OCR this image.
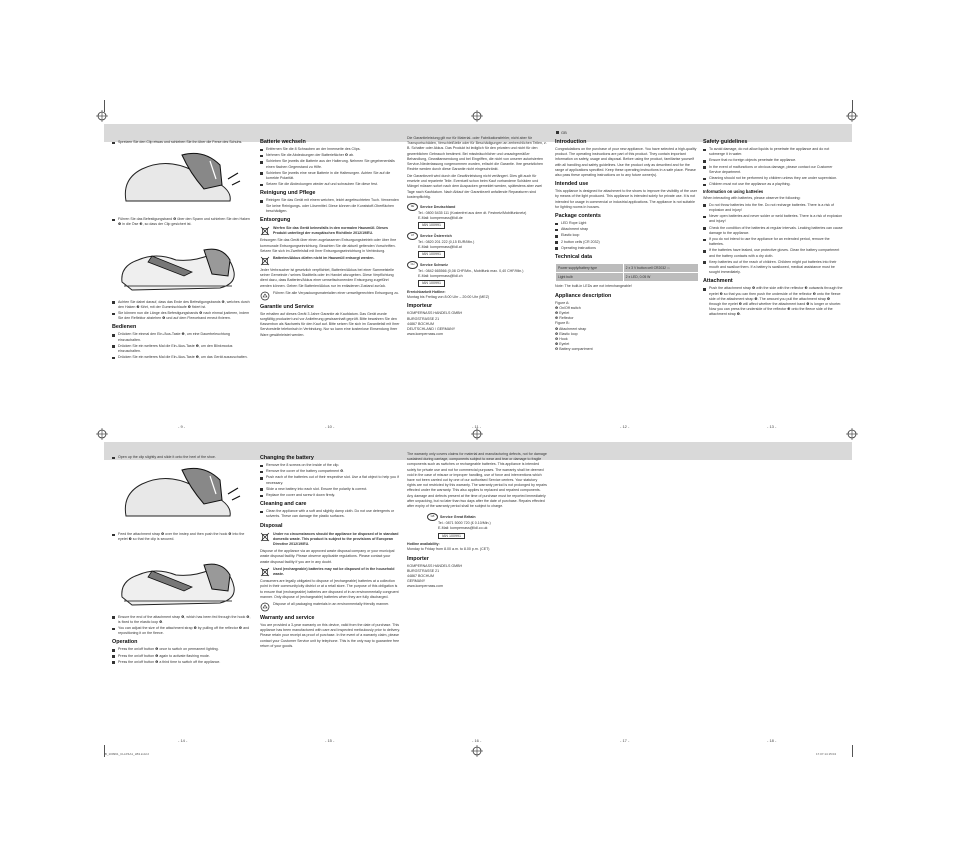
GB
Spreizen Sie den Clip etwas und schieben Sie ihn über die Ferse des Schuhs.
Führen Sie das Befestigungsband ❻ über den Spann und schieben Sie den Haken ❼ in die Öse ❸, so dass der Clip gesichert ist.
Achten Sie dabei darauf, dass das Ende des Befestigungsbands ❻, welches durch den Haken ❼ führt, mit der Gummischlaufe ❺ fixiert ist.
Sie können nun die Länge des Befestigungsbands ❻ nach einmal justieren, indem Sie den Reflektor abziehen ❹ und auf dem Fleeceband erneut fixieren.
Bedienen
Drücken Sie einmal den Ein-/Aus-Taste ❶, um eine Dauerbeleuchtung einzuschalten.
Drücken Sie ein weiteres Mal die Ein-/Aus-Taste ❶, um den Blinkmodus einzuschalten.
Drücken Sie ein weiteres Mal die Ein-/Aus-Taste ❶, um das Gerät auszuschalten.
Batterie wechseln
Entfernen Sie die 8 Schrauben an der Innenseite des Clips.
Nehmen Sie die Abdeckungen der Batteriefächer ❽ ab.
Schieben Sie jeweils die Batterie aus der Halterung. Nehmen Sie gegebenenfalls einen flachen Gegenstand zu Hilfe.
Schieben Sie jeweils eine neue Batterie in die Halterungen. Achten Sie auf die korrekte Polarität.
Setzen Sie die Abdeckungen wieder auf und schrauben Sie diese fest.
Reinigung und Pflege
Reinigen Sie das Gerät mit einem weichen, leicht angefeuchteten Tuch. Verwenden Sie keine Reinigungs- oder Lösemittel. Diese können die Kunststoff-Oberflächen beschädigen.
Entsorgung
Werfen Sie das Gerät keinesfalls in den normalen Hausmüll. Dieses Produkt unterliegt der europäischen Richtlinie 2012/19/EU.

Entsorgen Sie das Gerät über einen zugelassenen Entsorgungsbetrieb oder über Ihre kommunale Entsorgungseinrichtung. Beachten Sie die aktuell geltenden Vorschriften. Setzen Sie sich im Zweifelsfall mit Ihrer Entsorgungseinrichtung in Verbindung.

Batterien/Akkus dürfen nicht im Hausmüll entsorgt werden.

Jeder Verbraucher ist gesetzlich verpflichtet, Batterien/Akkus bei einer Sammelstelle seiner Gemeinde / seines Stadtteils oder im Handel abzugeben. Diese Verpflichtung dient dazu, dass Batterien/Akkus einer umweltschonenden Entsorgung zugeführt werden können. Geben Sie Batterien/Akkus nur im entladenen Zustand zurück.

Führen Sie alle Verpackungsmaterialien einer umweltgerechten Entsorgung zu.
Garantie und Service

Sie erhalten auf dieses Gerät 3 Jahre Garantie ab Kaufdatum. Das Gerät wurde sorgfältig produziert und vor Anlieferung gewissenhaft geprüft. Bitte bewahren Sie den Kassenbon als Nachweis für den Kauf auf. Bitte setzen Sie sich im Garantiefall mit Ihrer Servicestelle telefonisch in Verbindung. Nur so kann eine kostenlose Einsendung Ihrer Ware gewährleistet werden.

Die Garantieleistung gilt nur für Material- oder Fabrikationsfehler, nicht aber für Transportschäden, Verschleißteile oder für Beschädigungen an zerbrechlichen Teilen, z. B. Schalter oder Akkus. Das Produkt ist lediglich für den privaten und nicht für den gewerblichen Gebrauch bestimmt. Bei missbräuchlicher und unsachgemäßer Behandlung, Gewaltanwendung und bei Eingriffen, die nicht von unserer autorisierten Service-Niederlassung vorgenommen wurden, erlischt die Garantie. Ihre gesetzlichen Rechte werden durch diese Garantie nicht eingeschränkt.

Die Garantiezeit wird durch die Gewährleistung nicht verlängert. Dies gilt auch für ersetzte und reparierte Teile. Eventuell schon beim Kauf vorhandene Schäden und Mängel müssen sofort nach dem Auspacken gemeldet werden, spätestens aber zwei Tage nach Kaufdatum. Nach Ablauf der Garantiezeit anfallende Reparaturen sind kostenpflichtig.

DE Service Deutschland
Tel.: 0800 5435 111 (Kostenfrei aus dem dt. Festnetz/Mobilfunknetz)
E-Mail: kompernass@lidl.de
IAN 100991
AT Service Österreich
Tel.: 0820 201 222 (0,15 EUR/Min.)
E-Mail: kompernass@lidl.at
IAN 100991
CH Service Schweiz
Tel.: 0842 665566 (0,08 CHF/Min., Mobilfunk max. 0,40 CHF/Min.)
E-Mail: kompernass@lidl.ch
IAN 100991
Erreichbarkeit Hotline:
Montag bis Freitag von 8:00 Uhr – 20:00 Uhr (MEZ)
Importeur
KOMPERNASS HANDELS GMBH
BURGSTRASSE 21
44867 BOCHUM
DEUTSCHLAND / GERMANY
www.kompernass.com
Introduction

Congratulations on the purchase of your new appliance. You have selected a high-quality product. The operating instructions are part of this product. They contain important information on safety, usage and disposal. Before using the product, familiarise yourself with all handling and safety guidelines. Use the product only as described and for the range of applications specified. Keep these operating instructions in a safe place. Please also pass these operating instructions on to any future owner(s).

Intended use

This appliance is designed for attachment to the shoes to improve the visibility of the user by means of the light produced. This appliance is intended solely for private use. It is not intended for usage in commercial or industrial applications. The appliance is not suitable for lighting rooms in houses.

Package contents
LED Rope Light
Attachment strap
Elastic loop
2 button cells (CR 2032)
Operating instructions
Technical data
Power supply/battery type	2 x 3 V button cell CR2032 ⎓
Light bulb	2 x LED, 0.05 W

Note: The built-in LEDs are not interchangeable!

Appliance description
Figure A:
❶ On/Off switch
❷ Eyelet
❸ Reflector
Figure B:
❹ Attachment strap
❺ Elastic loop
❻ Hook
❼ Eyelet
❽ Battery compartment
Safety guidelines
To avoid damage, do not allow liquids to penetrate the appliance and do not submerge it in water.
Ensure that no foreign objects penetrate the appliance.
In the event of malfunctions or obvious damage, please contact our Customer Service department.
Cleaning should not be performed by children unless they are under supervision.
Children must not use the appliance as a plaything.
Information on using batteries

When interacting with batteries, please observe the following:

Do not throw batteries into the fire. Do not recharge batteries. There is a risk of explosion and injury!
Never open batteries and never solder or weld batteries. There is a risk of explosion and injury!
Check the condition of the batteries at regular intervals. Leaking batteries can cause damage to the appliance.
If you do not intend to use the appliance for an extended period, remove the batteries.
If the batteries have leaked, use protective gloves. Clean the battery compartment and the battery contacts with a dry cloth.
Keep batteries out of the reach of children. Children might put batteries into their mouth and swallow them. If a battery is swallowed, medical assistance must be sought immediately.
Attachment
Push the attachment strap ❹ with the side with the reflector ❸ outwards through the eyelet ❷ so that you can then push the underside of the reflector ❸ onto the fleece side of the attachment strap ❹. The amount you pull the attachment strap ❹ through the eyelet ❷ will affect whether the attachment band ❹ is longer or shorter. Now you can press the underside of the reflector ❸ onto the fleece side of the attachment strap ❹.
- 9 -	- 10 -	- 11 -	- 12 -	- 13 -
Open up the clip slightly and slide it onto the heel of the shoe.
Feed the attachment strap ❹ over the instep and then push the hook ❻ into the eyelet ❼ so that the clip is secured.
Ensure the end of the attachment strap ❹, which has been fed through the hook ❻, is fixed to the elastic loop ❺.
You can adjust the size of the attachment strap ❹ by pulling off the reflector ❸ and repositioning it on the fleece.
Operation
Press the on/off button ❶ once to switch on permanent lighting.
Press the on/off button ❶ again to activate flashing mode.
Press the on/off button ❶ a third time to switch off the appliance.
Changing the battery
Remove the 8 screws on the inside of the clip.
Remove the cover of the battery compartment ❽.
Push each of the batteries out of their respective slot. Use a flat object to help you if necessary.
Slide a new battery into each slot. Ensure the polarity is correct.
Replace the cover and screw it down firmly.
Cleaning and care
Clean the appliance with a soft and slightly damp cloth. Do not use detergents or solvents. These can damage the plastic surfaces.
Disposal
Under no circumstances should the appliance be disposed of in standard domestic waste. This product is subject to the provisions of European Directive 2012/19/EU.

Dispose of the appliance via an approved waste disposal company or your municipal waste disposal facility. Please observe applicable regulations. Please contact your waste disposal facility if you are in any doubt.

Used (rechargeable) batteries may not be disposed of in the household waste.

Consumers are legally obligated to dispose of (rechargeable) batteries at a collection point in their community/city district or at a retail store. The purpose of this obligation is to ensure that (rechargeable) batteries are disposed of in an environmentally congruent manner. Only dispose of (rechargeable) batteries when they are fully discharged.

Dispose of all packaging materials in an environmentally friendly manner.
Warranty and service

You are provided a 3-year warranty on this device, valid from the date of purchase. This appliance has been manufactured with care and inspected meticulously prior to delivery. Please retain your receipt as proof of purchase. In the event of a warranty claim, please contact your Customer Service unit by telephone. This is the only way to guarantee free return of your goods.

The warranty only covers claims for material and manufacturing defects, not for damage sustained during carriage, components subject to wear and tear or damage to fragile components such as switches or rechargeable batteries. This appliance is intended solely for private use and not for commercial purposes. The warranty shall be deemed void in the case of misuse or improper handling, use of force and interventions which have not been carried out by one of our authorised Service centres. Your statutory rights are not restricted by this warranty. The warranty period is not prolonged by repairs effected under the warranty. This also applies to replaced and repaired components. Any damage and defects present at the time of purchase must be reported immediately after unpacking, but no later than two days after the date of purchase. Repairs effected after expiry of the warranty period shall be subject to charge.

GB Service Great Britain
Tel.: 0871 5000 720 (£ 0.10/Min.)
E-Mail: kompernass@lidl.co.uk
IAN 100991
Hotline availability:
Monday to Friday from 8.00 a.m. to 8.00 p.m. (CET)
Importer
KOMPERNASS HANDELS GMBH
BURGSTRASSE 21
44867 BOCHUM
GERMANY
www.kompernass.com
- 14 -	- 15 -	- 16 -	- 17 -	- 18 -
IB_100991_CLLP4A1_LB3.indd 2	17.07.14 15:04
